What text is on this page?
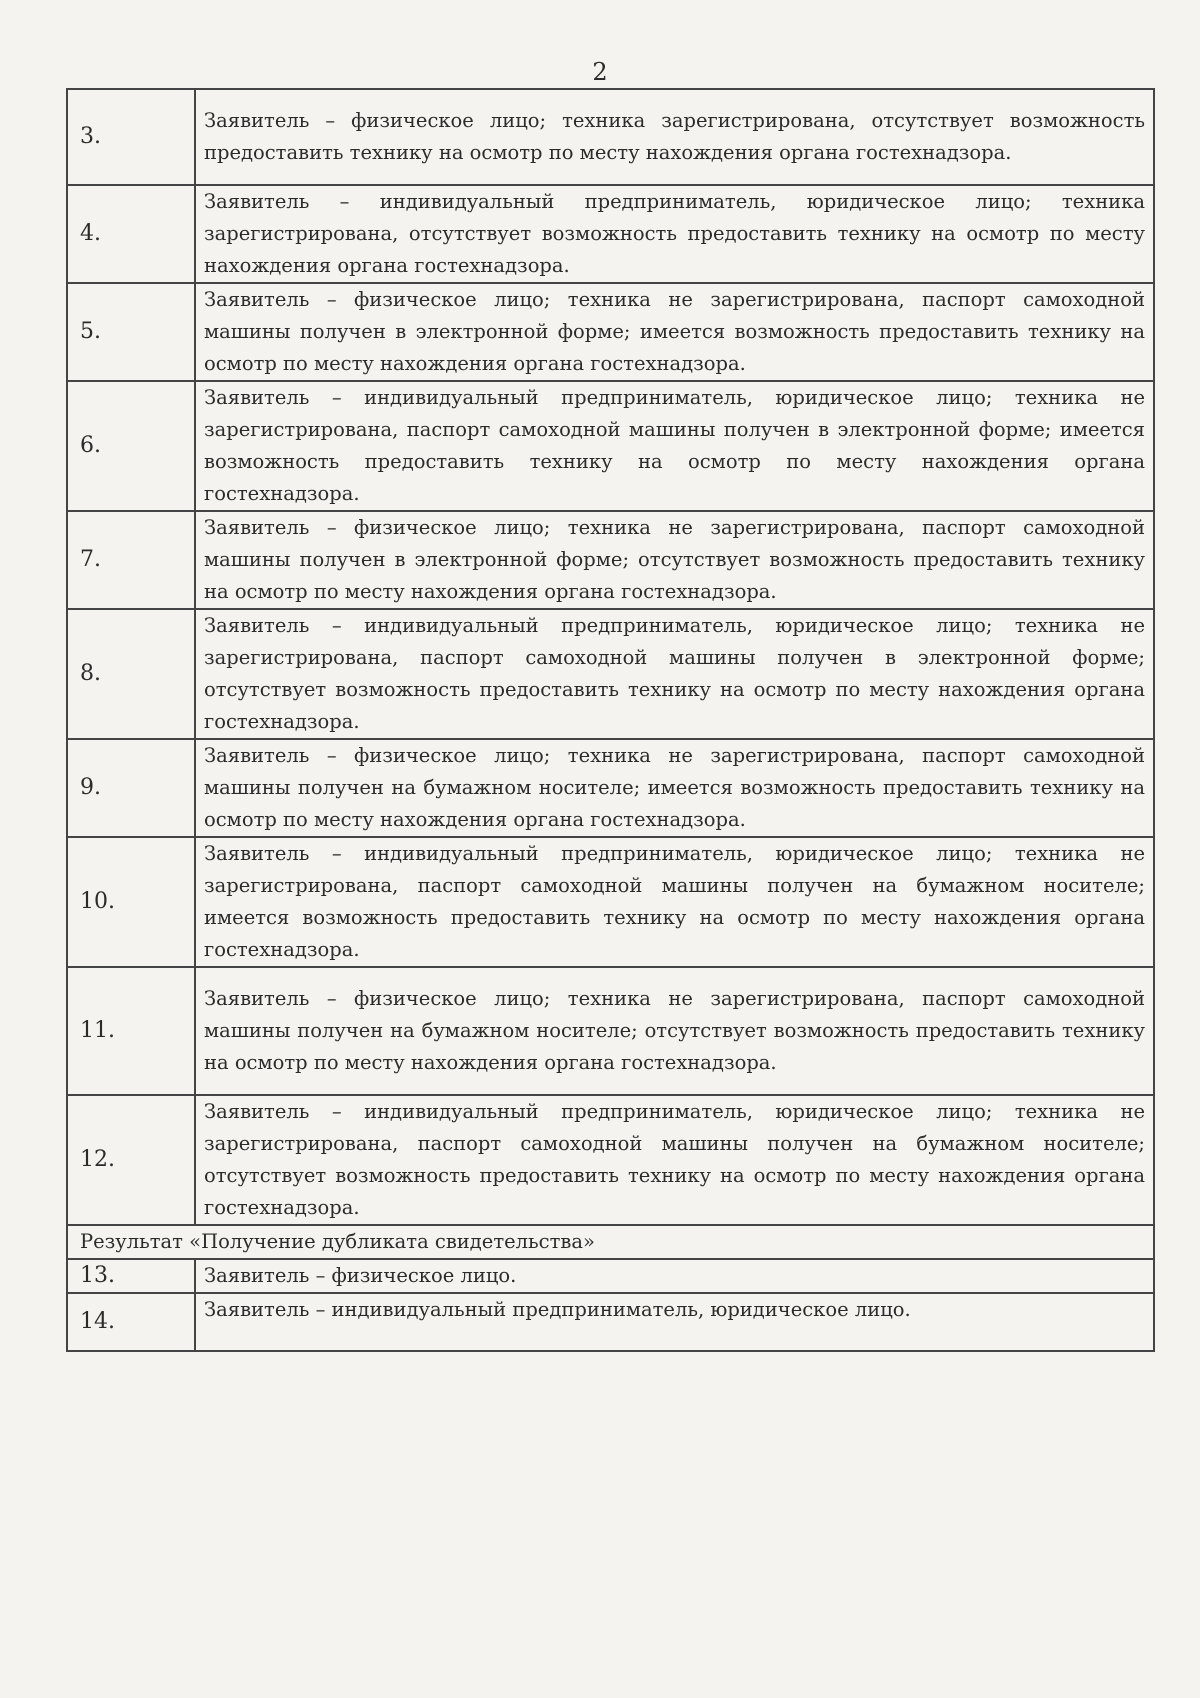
2
3.	Заявитель – физическое лицо; техника зарегистрирована, отсутствует возможность предоставить технику на осмотр по месту нахождения органа гостехнадзора.
4.	Заявитель – индивидуальный предприниматель, юридическое лицо; техника зарегистрирована, отсутствует возможность предоставить технику на осмотр по месту нахождения органа гостехнадзора.
5.	Заявитель – физическое лицо; техника не зарегистрирована, паспорт самоходной машины получен в электронной форме; имеется возможность предоставить технику на осмотр по месту нахождения органа гостехнадзора.
6.	Заявитель – индивидуальный предприниматель, юридическое лицо; техника не зарегистрирована, паспорт самоходной машины получен в электронной форме; имеется возможность предоставить технику на осмотр по месту нахождения органа гостехнадзора.
7.	Заявитель – физическое лицо; техника не зарегистрирована, паспорт самоходной машины получен в электронной форме; отсутствует возможность предоставить технику на осмотр по месту нахождения органа гостехнадзора.
8.	Заявитель – индивидуальный предприниматель, юридическое лицо; техника не зарегистрирована, паспорт самоходной машины получен в электронной форме; отсутствует возможность предоставить технику на осмотр по месту нахождения органа гостехнадзора.
9.	Заявитель – физическое лицо; техника не зарегистрирована, паспорт самоходной машины получен на бумажном носителе; имеется возможность предоставить технику на осмотр по месту нахождения органа гостехнадзора.
10.	Заявитель – индивидуальный предприниматель, юридическое лицо; техника не зарегистрирована, паспорт самоходной машины получен на бумажном носителе; имеется возможность предоставить технику на осмотр по месту нахождения органа гостехнадзора.
11.	Заявитель – физическое лицо; техника не зарегистрирована, паспорт самоходной машины получен на бумажном носителе; отсутствует возможность предоставить технику на осмотр по месту нахождения органа гостехнадзора.
12.	Заявитель – индивидуальный предприниматель, юридическое лицо; техника не зарегистрирована, паспорт самоходной машины получен на бумажном носителе; отсутствует возможность предоставить технику на осмотр по месту нахождения органа гостехнадзора.
Результат «Получение дубликата свидетельства»	
13.	Заявитель – физическое лицо.
14.	Заявитель – индивидуальный предприниматель, юридическое лицо.
